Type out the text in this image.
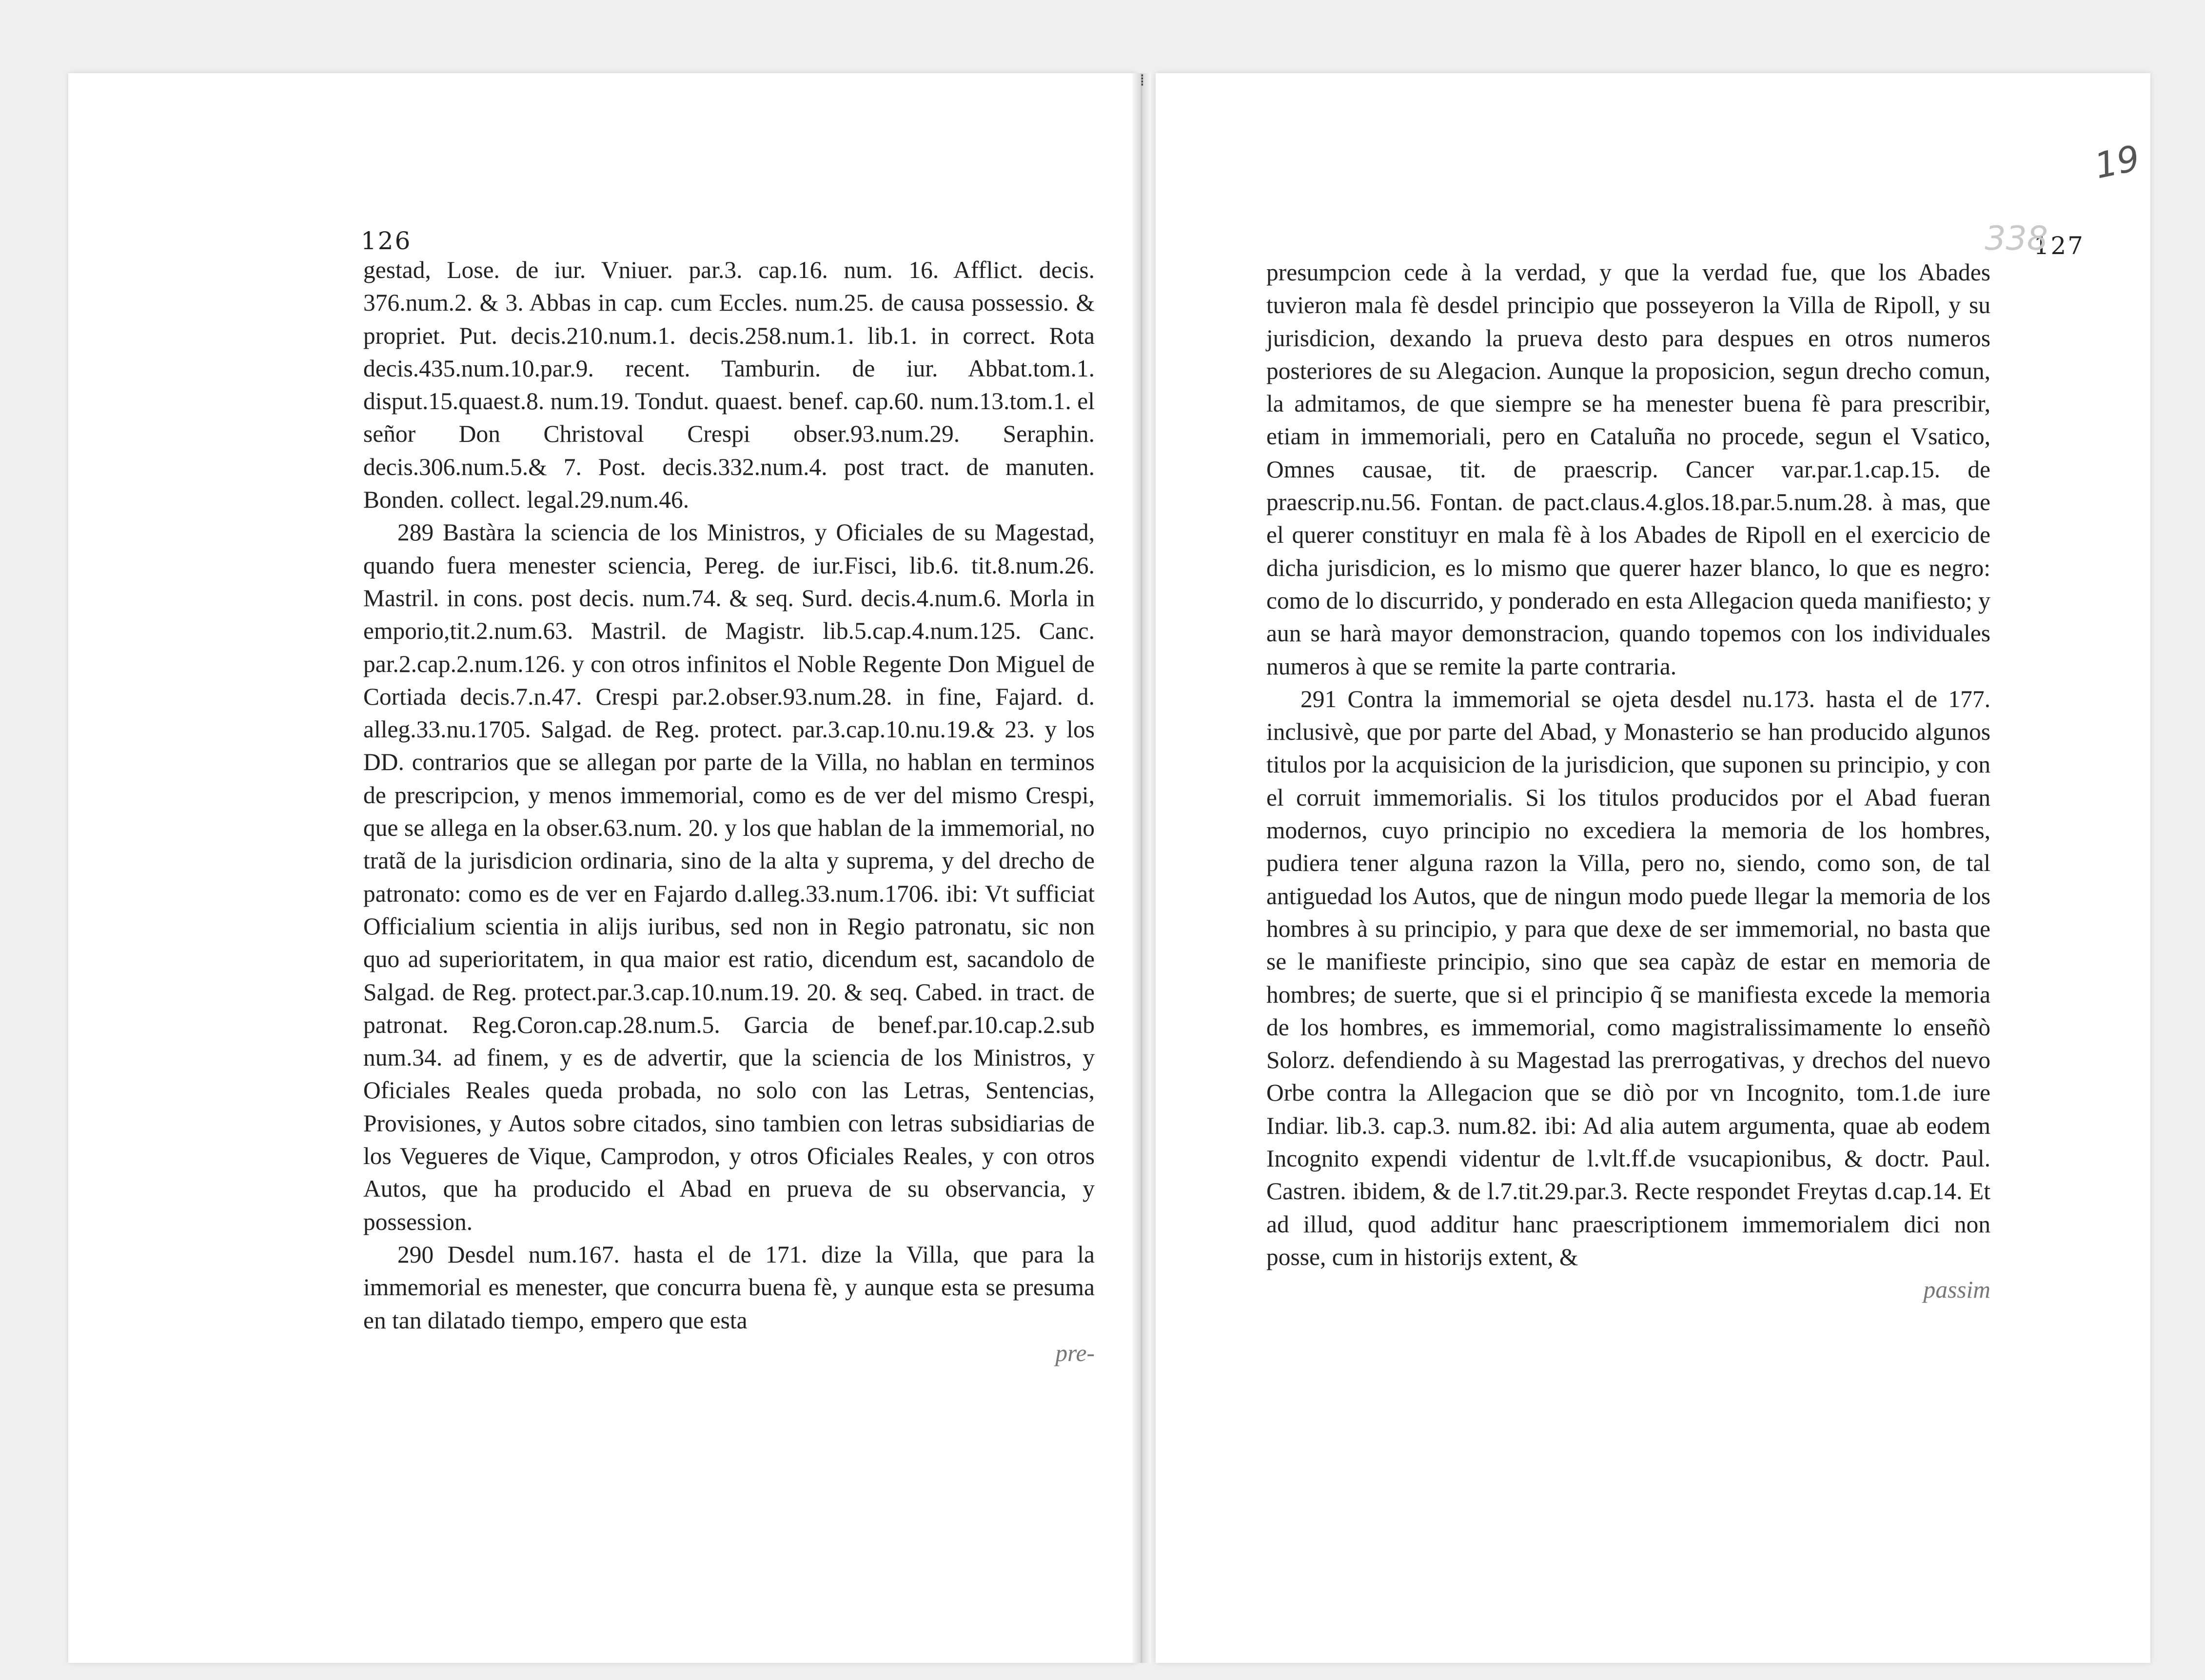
126

gestad, Lose. de iur. Vniuer. par.3. cap.16. num. 16. Afflict. decis. 376.num.2. & 3. Abbas in cap. cum Eccles. num.25. de causa possessio. & propriet. Put. decis.210.num.1. decis.258.num.1. lib.1. in correct. Rota decis.435.num.10.par.9. recent. Tamburin. de iur. Abbat.tom.1. disput.15.quaest.8. num.19. Tondut. quaest. benef. cap.60. num.13.tom.1. el señor Don Christoval Crespi obser.93.num.29. Seraphin. decis.306.num.5.& 7. Post. decis.332.num.4. post tract. de manuten. Bonden. collect. legal.29.num.46.

289 Bastàra la sciencia de los Ministros, y Oficiales de su Magestad, quando fuera menester sciencia, Pereg. de iur.Fisci, lib.6. tit.8.num.26. Mastril. in cons. post decis. num.74. & seq. Surd. decis.4.num.6. Morla in emporio,tit.2.num.63. Mastril. de Magistr. lib.5.cap.4.num.125. Canc. par.2.cap.2.num.126. y con otros infinitos el Noble Regente Don Miguel de Cortiada decis.7.n.47. Crespi par.2.obser.93.num.28. in fine, Fajard. d. alleg.33.nu.1705. Salgad. de Reg. protect. par.3.cap.10.nu.19.& 23. y los DD. contrarios que se allegan por parte de la Villa, no hablan en terminos de prescripcion, y menos immemorial, como es de ver del mismo Crespi, que se allega en la obser.63.num. 20. y los que hablan de la immemorial, no tratã de la jurisdicion ordinaria, sino de la alta y suprema, y del drecho de patronato: como es de ver en Fajardo d.alleg.33.num.1706. ibi: Vt sufficiat Officialium scientia in alijs iuribus, sed non in Regio patronatu, sic non quo ad superioritatem, in qua maior est ratio, dicendum est, sacandolo de Salgad. de Reg. protect.par.3.cap.10.num.19. 20. & seq. Cabed. in tract. de patronat. Reg.Coron.cap.28.num.5. Garcia de benef.par.10.cap.2.sub num.34. ad finem, y es de advertir, que la sciencia de los Ministros, y Oficiales Reales queda probada, no solo con las Letras, Sentencias, Provisiones, y Autos sobre citados, sino tambien con letras subsidiarias de los Vegueres de Vique, Camprodon, y otros Oficiales Reales, y con otros Autos, que ha producido el Abad en prueva de su observancia, y possession.

290 Desdel num.167. hasta el de 171. dize la Villa, que para la immemorial es menester, que concurra buena fè, y aunque esta se presuma en tan dilatado tiempo, empero que esta

pre-
⁞
127
19
338

presumpcion cede à la verdad, y que la verdad fue, que los Abades tuvieron mala fè desdel principio que posseyeron la Villa de Ripoll, y su jurisdicion, dexando la prueva desto para despues en otros numeros posteriores de su Alegacion. Aunque la proposicion, segun drecho comun, la admitamos, de que siempre se ha menester buena fè para prescribir, etiam in immemoriali, pero en Cataluña no procede, segun el Vsatico, Omnes causae, tit. de praescrip. Cancer var.par.1.cap.15. de praescrip.nu.56. Fontan. de pact.claus.4.glos.18.par.5.num.28. à mas, que el querer constituyr en mala fè à los Abades de Ripoll en el exercicio de dicha jurisdicion, es lo mismo que querer hazer blanco, lo que es negro: como de lo discurrido, y ponderado en esta Allegacion queda manifiesto; y aun se harà mayor demonstracion, quando topemos con los individuales numeros à que se remite la parte contraria.

291 Contra la immemorial se ojeta desdel nu.173. hasta el de 177. inclusivè, que por parte del Abad, y Monasterio se han producido algunos titulos por la acquisicion de la jurisdicion, que suponen su principio, y con el corruit immemorialis. Si los titulos producidos por el Abad fueran modernos, cuyo principio no excediera la memoria de los hombres, pudiera tener alguna razon la Villa, pero no, siendo, como son, de tal antiguedad los Autos, que de ningun modo puede llegar la memoria de los hombres à su principio, y para que dexe de ser immemorial, no basta que se le manifieste principio, sino que sea capàz de estar en memoria de hombres; de suerte, que si el principio q̃ se manifiesta excede la memoria de los hombres, es immemorial, como magistralissimamente lo enseñò Solorz. defendiendo à su Magestad las prerrogativas, y drechos del nuevo Orbe contra la Allegacion que se diò por vn Incognito, tom.1.de iure Indiar. lib.3. cap.3. num.82. ibi: Ad alia autem argumenta, quae ab eodem Incognito expendi videntur de l.vlt.ff.de vsucapionibus, & doctr. Paul. Castren. ibidem, & de l.7.tit.29.par.3. Recte respondet Freytas d.cap.14. Et ad illud, quod additur hanc praescriptionem immemorialem dici non posse, cum in historijs extent, &

passim
